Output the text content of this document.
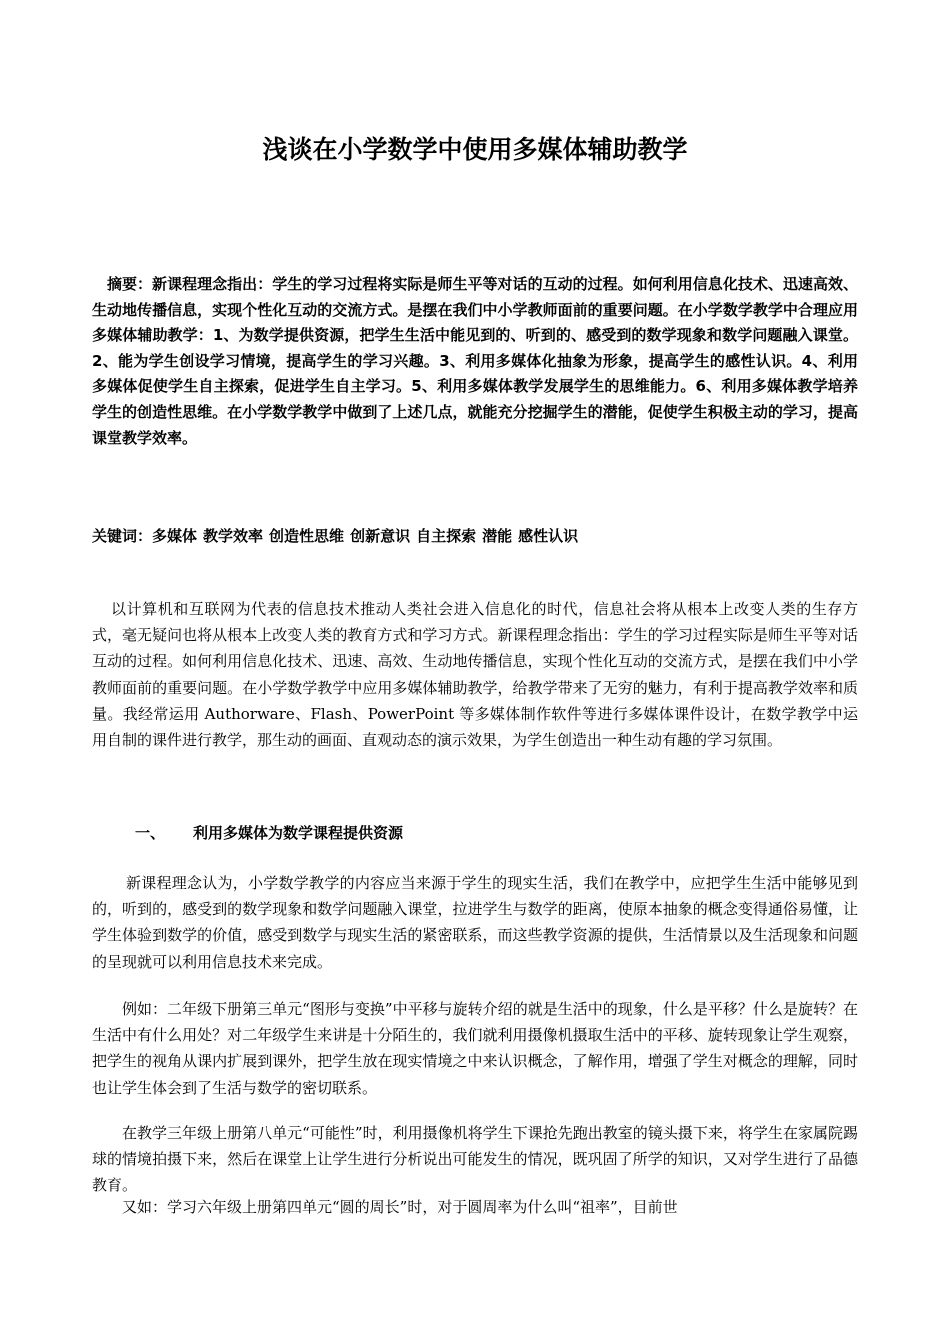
浅谈在小学数学中使用多媒体辅助教学

摘要：新课程理念指出：学生的学习过程将实际是师生平等对话的互动的过程。如何利用信息化技术、迅速高效、生动地传播信息，实现个性化互动的交流方式。是摆在我们中小学教师面前的重要问题。在小学数学教学中合理应用多媒体辅助教学：1、为数学提供资源，把学生生活中能见到的、听到的、感受到的数学现象和数学问题融入课堂。2、能为学生创设学习情境，提高学生的学习兴趣。3、利用多媒体化抽象为形象，提高学生的感性认识。4、利用多媒体促使学生自主探索，促进学生自主学习。5、利用多媒体教学发展学生的思维能力。6、利用多媒体教学培养学生的创造性思维。在小学数学教学中做到了上述几点，就能充分挖掘学生的潜能，促使学生积极主动的学习，提高课堂教学效率。

关键词：多媒体 教学效率 创造性思维 创新意识 自主探索 潜能 感性认识

以计算机和互联网为代表的信息技术推动人类社会进入信息化的时代，信息社会将从根本上改变人类的生存方式，毫无疑问也将从根本上改变人类的教育方式和学习方式。新课程理念指出：学生的学习过程实际是师生平等对话互动的过程。如何利用信息化技术、迅速、高效、生动地传播信息，实现个性化互动的交流方式，是摆在我们中小学教师面前的重要问题。在小学数学教学中应用多媒体辅助教学，给教学带来了无穷的魅力，有利于提高教学效率和质量。我经常运用 Authorware、Flash、PowerPoint 等多媒体制作软件等进行多媒体课件设计，在数学教学中运用自制的课件进行教学，那生动的画面、直观动态的演示效果，为学生创造出一种生动有趣的学习氛围。

一、 利用多媒体为数学课程提供资源

新课程理念认为，小学数学教学的内容应当来源于学生的现实生活，我们在教学中，应把学生生活中能够见到的，听到的，感受到的数学现象和数学问题融入课堂，拉进学生与数学的距离，使原本抽象的概念变得通俗易懂，让学生体验到数学的价值，感受到数学与现实生活的紧密联系，而这些教学资源的提供，生活情景以及生活现象和问题的呈现就可以利用信息技术来完成。

例如：二年级下册第三单元“图形与变换”中平移与旋转介绍的就是生活中的现象，什么是平移？什么是旋转？在生活中有什么用处？对二年级学生来讲是十分陌生的，我们就利用摄像机摄取生活中的平移、旋转现象让学生观察，把学生的视角从课内扩展到课外，把学生放在现实情境之中来认识概念，了解作用，增强了学生对概念的理解，同时也让学生体会到了生活与数学的密切联系。

在教学三年级上册第八单元“可能性”时，利用摄像机将学生下课抢先跑出教室的镜头摄下来，将学生在家属院踢球的情境拍摄下来，然后在课堂上让学生进行分析说出可能发生的情况，既巩固了所学的知识，又对学生进行了品德教育。

又如：学习六年级上册第四单元“圆的周长”时，对于圆周率为什么叫“祖率”，目前世
